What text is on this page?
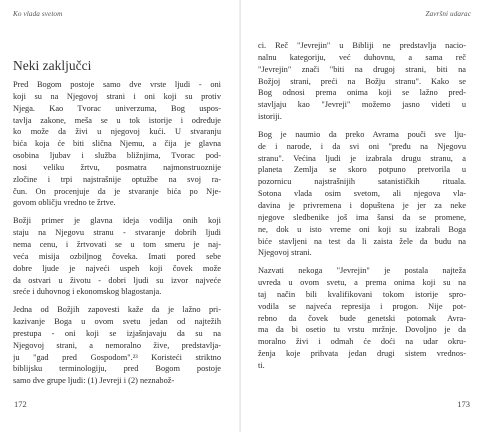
Ko vlada svetom
Neki zaključci
Pred Bogom postoje samo dve vrste ljudi - oni
koji su na Njegovoj strani i oni koji su protiv
Njega. Kao Tvorac univerzuma, Bog uspos-
tavlja zakone, meša se u tok istorije i određuje
ko može da živi u njegovoj kući. U stvaranju
bića koja će biti slična Njemu, a čija je glavna
osobina ljubav i služba bližnjima, Tvorac pod-
nosi veliku žrtvu, posmatra najmonstruoznije
zločine i trpi najstrašnije optužbe na svoj ra-
čun. On procenjuje da je stvaranje bića po Nje-
govom obličju vredno te žrtve.
Božji primer je glavna ideja vodilja onih koji
staju na Njegovu stranu - stvaranje dobrih ljudi
nema cenu, i žrtvovati se u tom smeru je naj-
veća misija ozbiljnog čoveka. Imati pored sebe
dobre ljude je najveći uspeh koji čovek može
da ostvari u životu - dobri ljudi su izvor najveće
sreće i duhovnog i ekonomskog blagostanja.
Jedna od Božjih zapovesti kaže da je lažno pri-
kazivanje Boga u ovom svetu jedan od najtežih
prestupa - oni koji se izjašnjavaju da su na
Njegovoj strani, a nemoralno žive, predstavlja-
ju "gad pred Gospodom".²³ Koristeći striktno
biblijsku terminologiju, pred Bogom postoje
samo dve grupe ljudi: (1) Jevreji i (2) neznabož-
172
Završni udarac
ci. Reč "Jevrejin" u Bibliji ne predstavlja nacio-
nalnu kategoriju, već duhovnu, a sama reč
"Jevrejin" znači "biti na drugoj strani, biti na
Božjoj strani, preći na Božju stranu". Kako se
Bog odnosi prema onima koji se lažno pred-
stavljaju kao "Jevreji" možemo jasno videti u
istoriji.
Bog je naumio da preko Avrama pouči sve lju-
de i narode, i da svi oni "pređu na Njegovu
stranu". Većina ljudi je izabrala drugu stranu, a
planeta Zemlja se skoro potpuno pretvorila u
pozornicu najstrašnijih satanističkih rituala.
Sotona vlada osim svetom, ali njegova vla-
davina je privremena i dopuštena je jer za neke
njegove sledbenike još ima šansi da se promene,
ne, dok u isto vreme oni koji su izabrali Boga
biće stavljeni na test da li zaista žele da budu na
Njegovoj strani.
Nazvati nekoga "Jevrejin" je postala najteža
uvreda u ovom svetu, a prema onima koji su na
taj način bili kvalifikovani tokom istorije spro-
vodila se najveća represija i progon. Nije pot-
rebno da čovek bude genetski potomak Avra-
ma da bi osetio tu vrstu mržnje. Dovoljno je da
moralno živi i odmah će doći na udar okru-
ženja koje prihvata jedan drugi sistem vrednos-
ti.
173
